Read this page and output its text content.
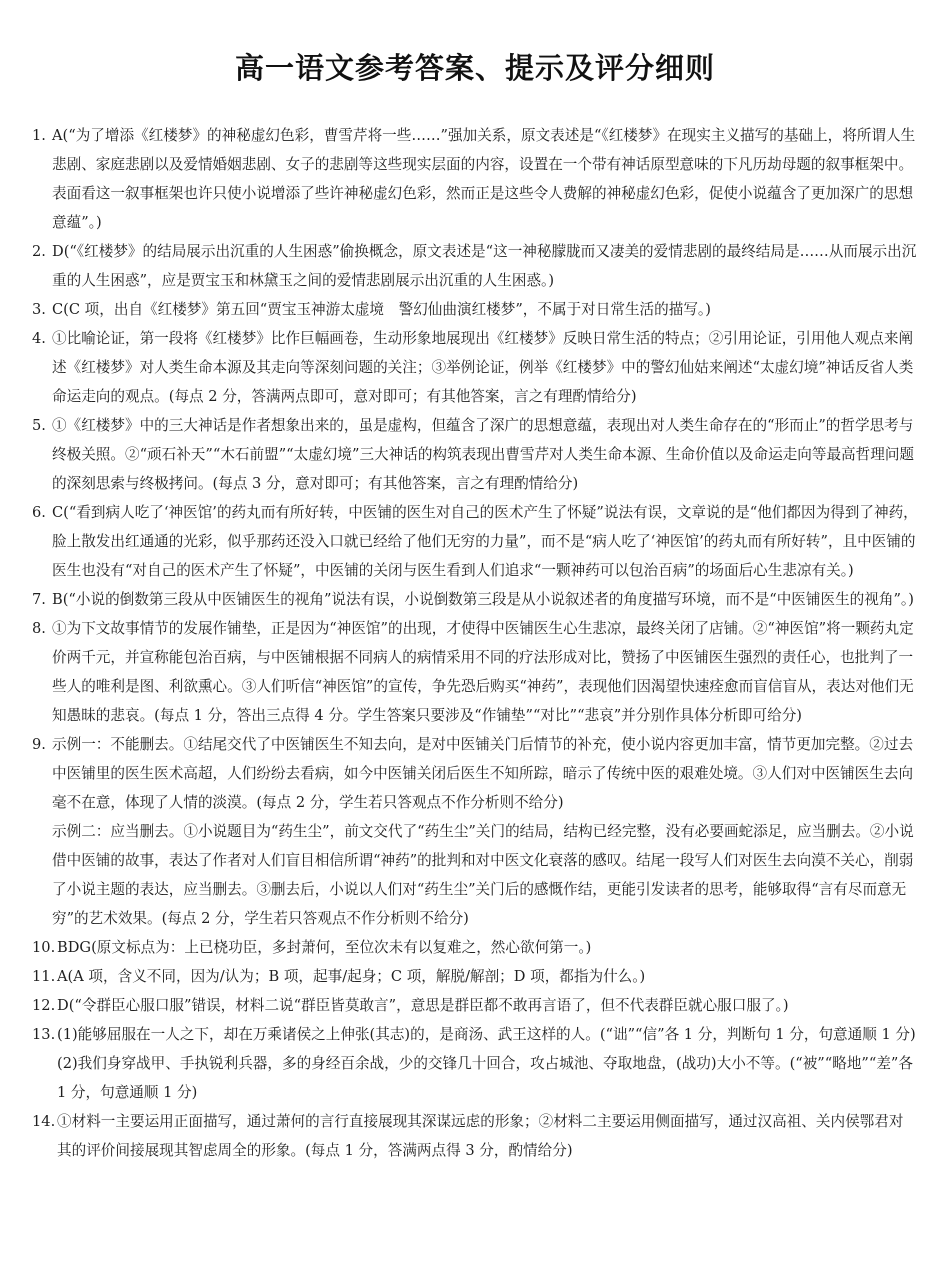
高一语文参考答案、提示及评分细则
1. A(“为了增添《红楼梦》的神秘虚幻色彩，曹雪芹将一些……”强加关系，原文表述是“《红楼梦》在现实主义描写的基础上，将所谓人生悲剧、家庭悲剧以及爱情婚姻悲剧、女子的悲剧等这些现实层面的内容，设置在一个带有神话原型意味的下凡历劫母题的叙事框架中。表面看这一叙事框架也许只使小说增添了些许神秘虚幻色彩，然而正是这些令人费解的神秘虚幻色彩，促使小说蕴含了更加深广的思想意蕴”。)
2. D(“《红楼梦》的结局展示出沉重的人生困惑”偷换概念，原文表述是“这一神秘朦胧而又凄美的爱情悲剧的最终结局是……从而展示出沉重的人生困惑”，应是贾宝玉和林黛玉之间的爱情悲剧展示出沉重的人生困惑。)
3. C(C 项，出自《红楼梦》第五回“贾宝玉神游太虚境　警幻仙曲演红楼梦”，不属于对日常生活的描写。)
4. ①比喻论证，第一段将《红楼梦》比作巨幅画卷，生动形象地展现出《红楼梦》反映日常生活的特点；②引用论证，引用他人观点来阐述《红楼梦》对人类生命本源及其走向等深刻问题的关注；③举例论证，例举《红楼梦》中的警幻仙姑来阐述“太虚幻境”神话反省人类命运走向的观点。(每点 2 分，答满两点即可，意对即可；有其他答案，言之有理酌情给分)
5. ①《红楼梦》中的三大神话是作者想象出来的，虽是虚构，但蕴含了深广的思想意蕴，表现出对人类生命存在的“形而止”的哲学思考与终极关照。②“顽石补天”“木石前盟”“太虚幻境”三大神话的构筑表现出曹雪芹对人类生命本源、生命价值以及命运走向等最高哲理问题的深刻思索与终极拷问。(每点 3 分，意对即可；有其他答案，言之有理酌情给分)
6. C(“看到病人吃了‘神医馆’的药丸而有所好转，中医铺的医生对自己的医术产生了怀疑”说法有误，文章说的是“他们都因为得到了神药，脸上散发出红通通的光彩，似乎那药还没入口就已经给了他们无穷的力量”，而不是“病人吃了‘神医馆’的药丸而有所好转”，且中医铺的医生也没有“对自己的医术产生了怀疑”，中医铺的关闭与医生看到人们追求“一颗神药可以包治百病”的场面后心生悲凉有关。)
7. B(“小说的倒数第三段从中医铺医生的视角”说法有误，小说倒数第三段是从小说叙述者的角度描写环境，而不是“中医铺医生的视角”。)
8. ①为下文故事情节的发展作铺垫，正是因为“神医馆”的出现，才使得中医铺医生心生悲凉，最终关闭了店铺。②“神医馆”将一颗药丸定价两千元，并宣称能包治百病，与中医铺根据不同病人的病情采用不同的疗法形成对比，赞扬了中医铺医生强烈的责任心，也批判了一些人的唯利是图、利欲熏心。③人们听信“神医馆”的宣传，争先恐后购买“神药”，表现他们因渴望快速痊愈而盲信盲从，表达对他们无知愚昧的悲哀。(每点 1 分，答出三点得 4 分。学生答案只要涉及“作铺垫”“对比”“悲哀”并分别作具体分析即可给分)
9. 示例一：不能删去。①结尾交代了中医铺医生不知去向，是对中医铺关门后情节的补充，使小说内容更加丰富，情节更加完整。②过去中医铺里的医生医术高超，人们纷纷去看病，如今中医铺关闭后医生不知所踪，暗示了传统中医的艰难处境。③人们对中医铺医生去向毫不在意，体现了人情的淡漠。(每点 2 分，学生若只答观点不作分析则不给分)
示例二：应当删去。①小说题目为“药生尘”，前文交代了“药生尘”关门的结局，结构已经完整，没有必要画蛇添足，应当删去。②小说借中医铺的故事，表达了作者对人们盲目相信所谓“神药”的批判和对中医文化衰落的感叹。结尾一段写人们对医生去向漠不关心，削弱了小说主题的表达，应当删去。③删去后，小说以人们对“药生尘”关门后的感慨作结，更能引发读者的思考，能够取得“言有尽而意无穷”的艺术效果。(每点 2 分，学生若只答观点不作分析则不给分)
10. BDG(原文标点为：上已桡功臣，多封萧何，至位次未有以复难之，然心欲何第一。)
11. A(A 项，含义不同，因为/认为；B 项，起事/起身；C 项，解脱/解剖；D 项，都指为什么。)
12. D(“令群臣心服口服”错误，材料二说“群臣皆莫敢言”，意思是群臣都不敢再言语了，但不代表群臣就心服口服了。)
13. (1)能够屈服在一人之下，却在万乘诸侯之上伸张(其志)的，是商汤、武王这样的人。(“诎”“信”各 1 分，判断句 1 分，句意通顺 1 分)
(2)我们身穿战甲、手执锐利兵器，多的身经百余战，少的交锋几十回合，攻占城池、夺取地盘，(战功)大小不等。(“被”“略地”“差”各 1 分，句意通顺 1 分)
14. ①材料一主要运用正面描写，通过萧何的言行直接展现其深谋远虑的形象；②材料二主要运用侧面描写，通过汉高祖、关内侯鄂君对其的评价间接展现其智虑周全的形象。(每点 1 分，答满两点得 3 分，酌情给分)
